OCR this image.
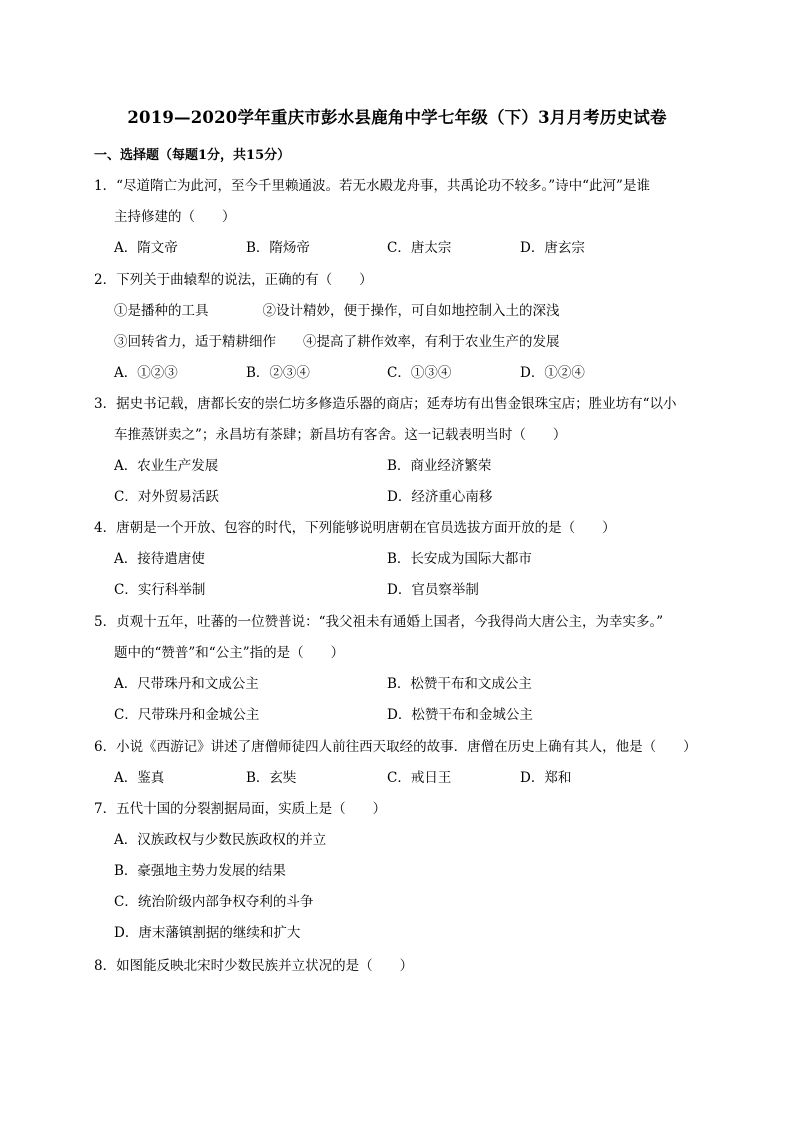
2019—2020学年重庆市彭水县鹿角中学七年级（下）3月月考历史试卷
一、选择题（每题1分，共15分）
1．“尽道隋亡为此河，至今千里赖通波。若无水殿龙舟事，共禹论功不较多。”诗中“此河”是谁
主持修建的（　　）
A．隋文帝	B．隋炀帝	C．唐太宗	D．唐玄宗
2．下列关于曲辕犁的说法，正确的有（　　）
①是播种的工具　　　　②设计精妙，便于操作，可自如地控制入土的深浅
③回转省力，适于精耕细作　　④提高了耕作效率，有利于农业生产的发展
A．①②③	B．②③④	C．①③④	D．①②④
3．据史书记载，唐都长安的崇仁坊多修造乐器的商店；延寿坊有出售金银珠宝店；胜业坊有“以小
车推蒸饼卖之”；永昌坊有茶肆；新昌坊有客舍。这一记载表明当时（　　）
A．农业生产发展	B．商业经济繁荣
C．对外贸易活跃	D．经济重心南移
4．唐朝是一个开放、包容的时代，下列能够说明唐朝在官员选拔方面开放的是（　　）
A．接待遣唐使	B．长安成为国际大都市
C．实行科举制	D．官员察举制
5．贞观十五年，吐蕃的一位赞普说：“我父祖未有通婚上国者，今我得尚大唐公主，为幸实多。”
题中的“赞普”和“公主”指的是（　　）
A．尺带珠丹和文成公主	B．松赞干布和文成公主
C．尺带珠丹和金城公主	D．松赞干布和金城公主
6．小说《西游记》讲述了唐僧师徒四人前往西天取经的故事．唐僧在历史上确有其人，他是（　　）
A．鉴真	B．玄奘	C．戒日王	D．郑和
7．五代十国的分裂割据局面，实质上是（　　）
A．汉族政权与少数民族政权的并立
B．豪强地主势力发展的结果
C．统治阶级内部争权夺利的斗争
D．唐末藩镇割据的继续和扩大
8．如图能反映北宋时少数民族并立状况的是（　　）
